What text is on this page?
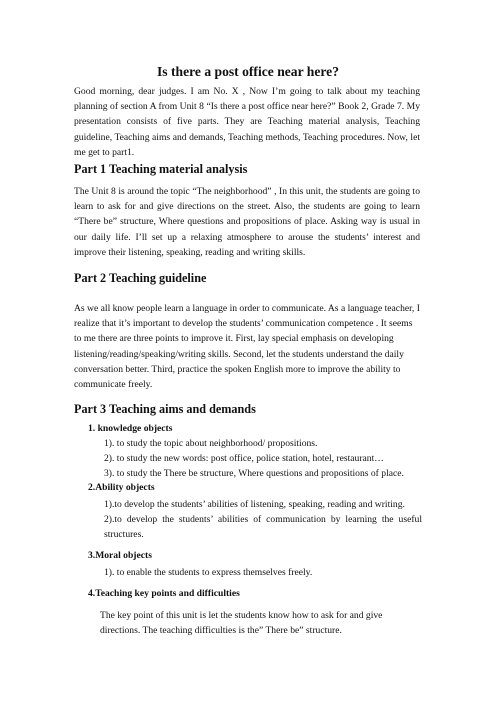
Is there a post office near here?

Good morning, dear judges. I am No. X , Now I’m going to talk about my teaching planning of section A from Unit 8 “Is there a post office near here?” Book 2, Grade 7. My presentation consists of five parts. They are Teaching material analysis, Teaching guideline, Teaching aims and demands, Teaching methods, Teaching procedures. Now, let me get to part1.

Part 1 Teaching material analysis

The Unit 8 is around the topic “The neighborhood” , In this unit, the students are going to learn to ask for and give directions on the street. Also, the students are going to learn “There be” structure, Where questions and propositions of place. Asking way is usual in our daily life. I’ll set up a relaxing atmosphere to arouse the students’ interest and improve their listening, speaking, reading and writing skills.

Part 2 Teaching guideline

As we all know people learn a language in order to communicate. As a language teacher, I realize that it’s important to develop the students’ communication competence . It seems to me there are three points to improve it. First, lay special emphasis on developing listening/reading/speaking/writing skills. Second, let the students understand the daily conversation better. Third, practice the spoken English more to improve the ability to communicate freely.

Part 3 Teaching aims and demands

1. knowledge objects

1). to study the topic about neighborhood/ propositions.

2). to study the new words: post office, police station, hotel, restaurant…

3). to study the There be structure, Where questions and propositions of place.

2.Ability objects

1).to develop the students’ abilities of listening, speaking, reading and writing.

2).to develop the students’ abilities of communication by learning the useful structures.

3.Moral objects

1). to enable the students to express themselves freely.

4.Teaching key points and difficulties

The key point of this unit is let the students know how to ask for and give directions. The teaching difficulties is the” There be” structure.
